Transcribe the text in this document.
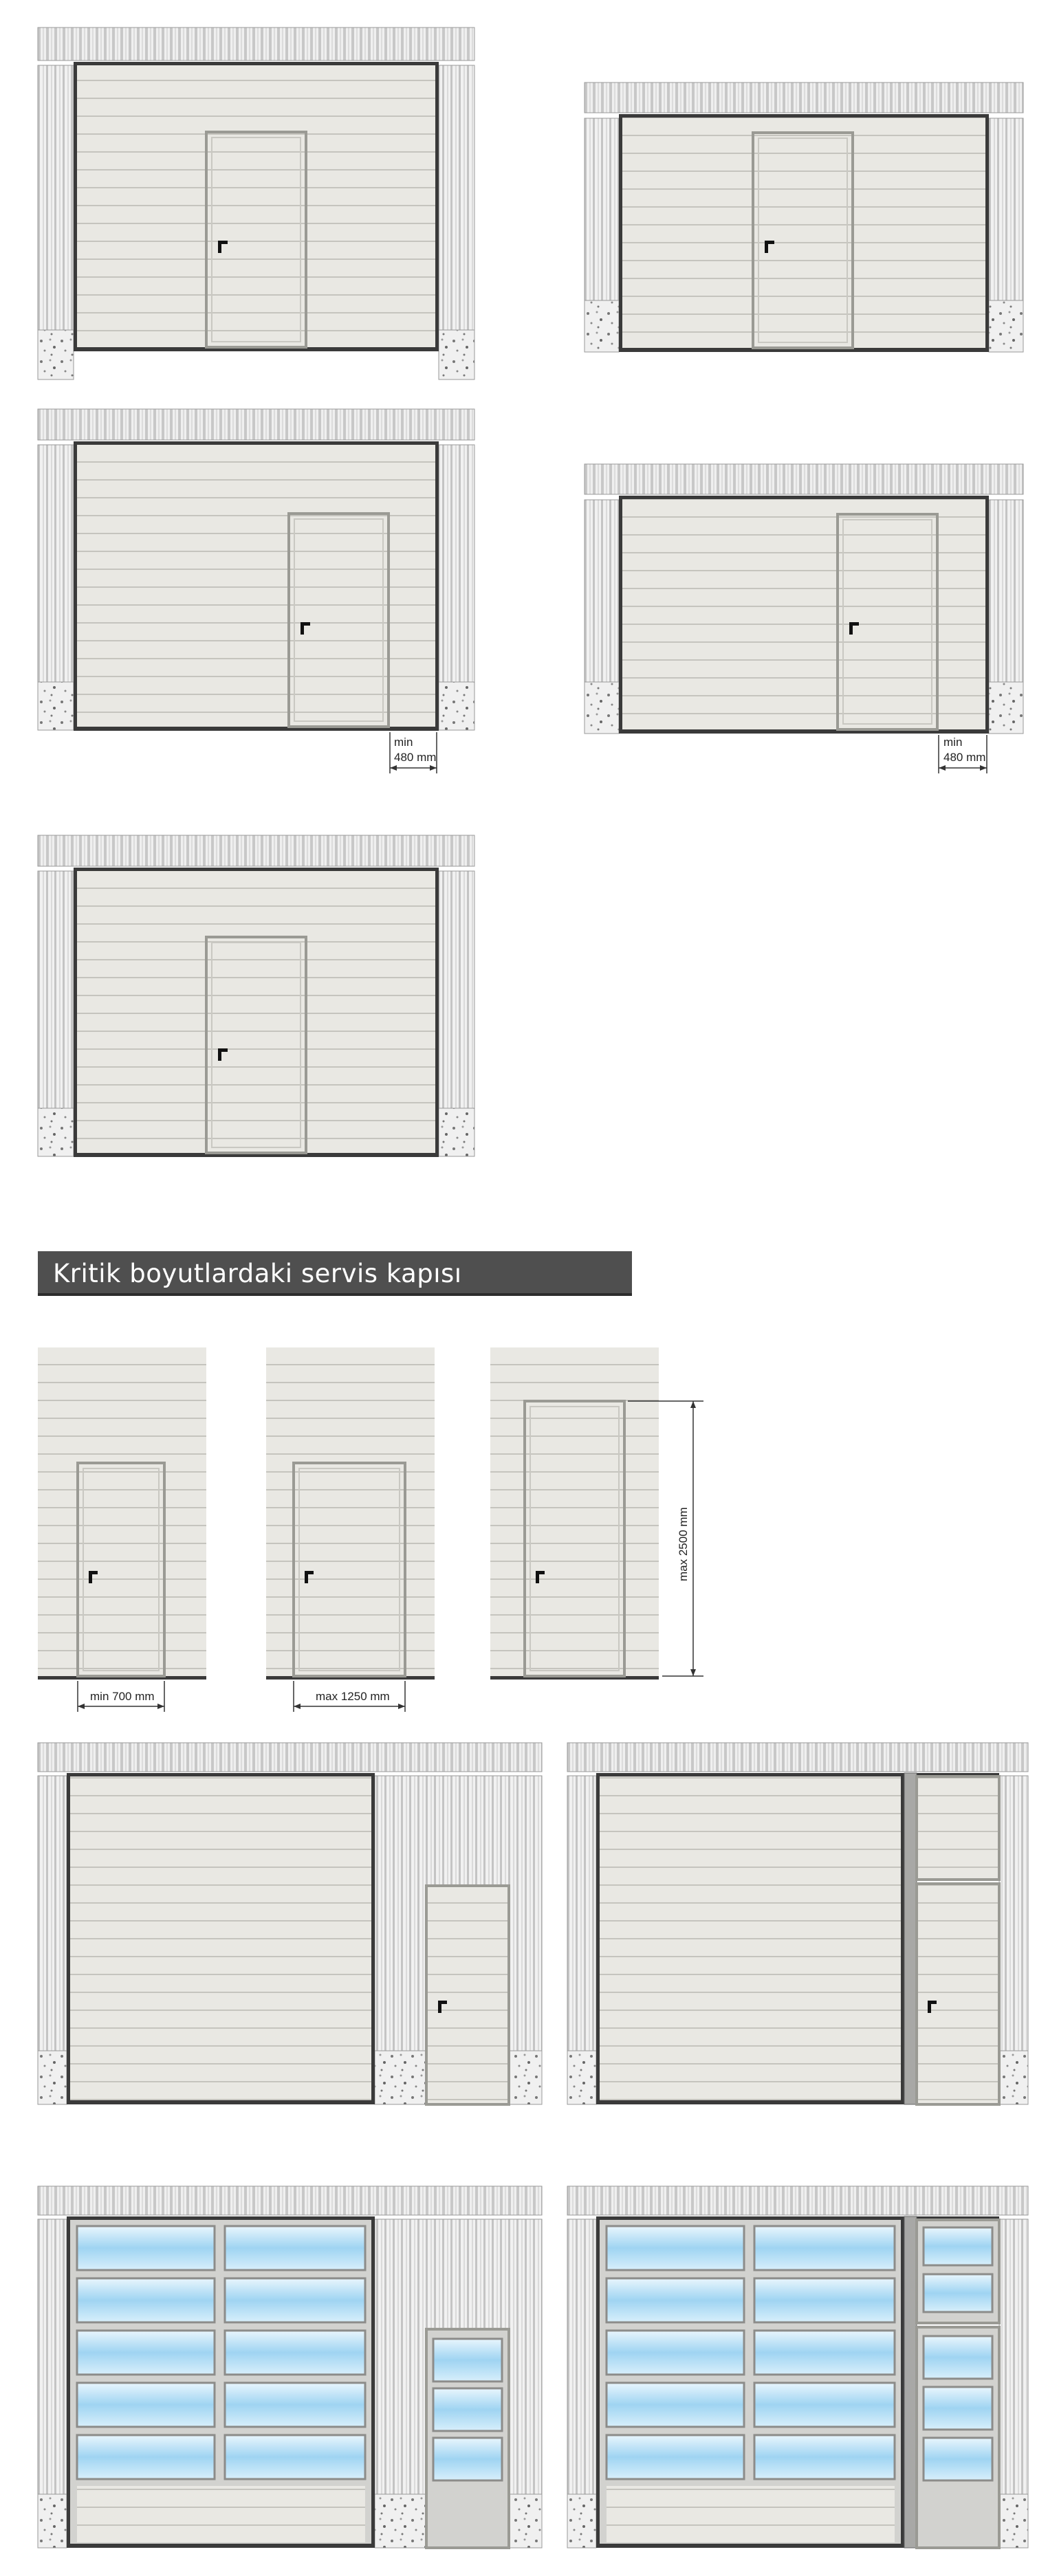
Kritik boyutlardaki servis kapısı
min
480 mm
min
480 mm
min 700 mm	max 1250 mm
max 2500 mm
